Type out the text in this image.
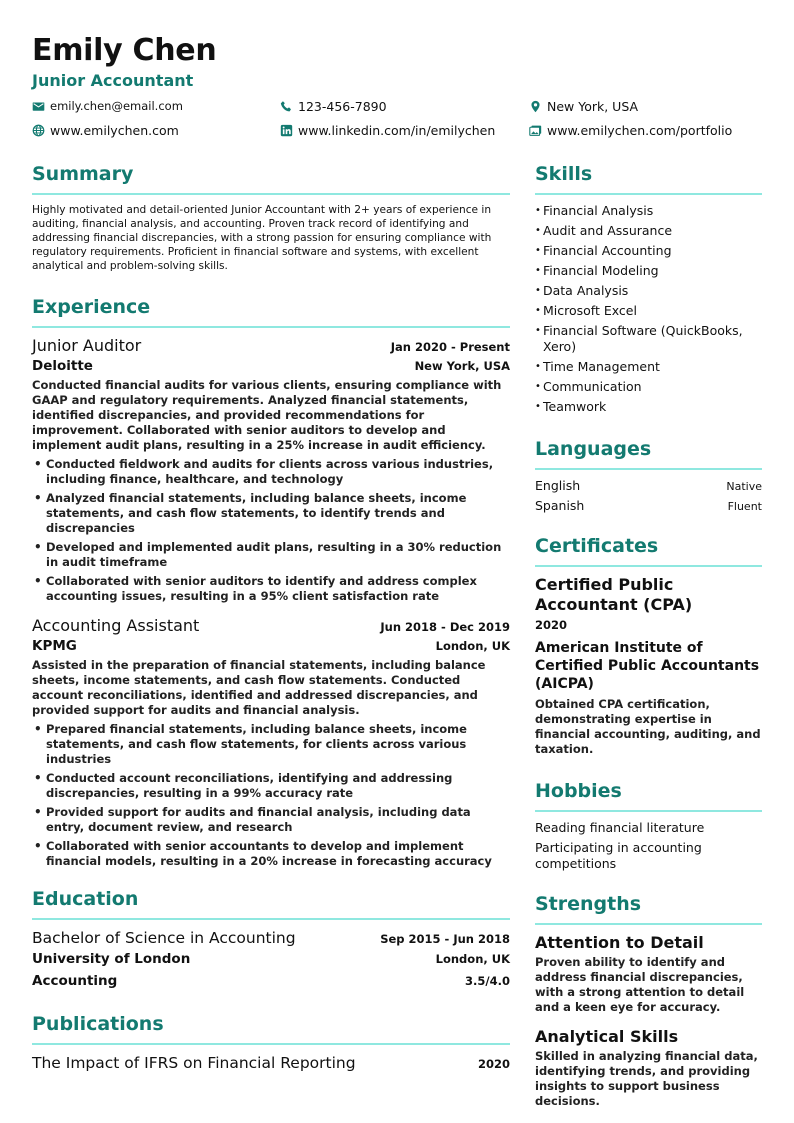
Emily Chen
Junior Accountant
emily.chen@email.com	123-456-7890	New York, USA
www.emilychen.com	www.linkedin.com/in/emilychen	www.emilychen.com/portfolio
Summary
Highly motivated and detail-oriented Junior Accountant with 2+ years of experience in auditing, financial analysis, and accounting. Proven track record of identifying and addressing financial discrepancies, with a strong passion for ensuring compliance with regulatory requirements. Proficient in financial software and systems, with excellent analytical and problem-solving skills.
Experience
Junior Auditor	Jan 2020 - Present
Deloitte	New York, USA
Conducted financial audits for various clients, ensuring compliance with GAAP and regulatory requirements. Analyzed financial statements, identified discrepancies, and provided recommendations for improvement. Collaborated with senior auditors to develop and implement audit plans, resulting in a 25% increase in audit efficiency.
• Conducted fieldwork and audits for clients across various industries, including finance, healthcare, and technology
• Analyzed financial statements, including balance sheets, income statements, and cash flow statements, to identify trends and discrepancies
• Developed and implemented audit plans, resulting in a 30% reduction in audit timeframe
• Collaborated with senior auditors to identify and address complex accounting issues, resulting in a 95% client satisfaction rate
Accounting Assistant	Jun 2018 - Dec 2019
KPMG	London, UK
Assisted in the preparation of financial statements, including balance sheets, income statements, and cash flow statements. Conducted account reconciliations, identified and addressed discrepancies, and provided support for audits and financial analysis.
• Prepared financial statements, including balance sheets, income statements, and cash flow statements, for clients across various industries
• Conducted account reconciliations, identifying and addressing discrepancies, resulting in a 99% accuracy rate
• Provided support for audits and financial analysis, including data entry, document review, and research
• Collaborated with senior accountants to develop and implement financial models, resulting in a 20% increase in forecasting accuracy
Education
Bachelor of Science in Accounting	Sep 2015 - Jun 2018
University of London	London, UK
Accounting	3.5/4.0
Publications
The Impact of IFRS on Financial Reporting	2020
Skills
• Financial Analysis
• Audit and Assurance
• Financial Accounting
• Financial Modeling
• Data Analysis
• Microsoft Excel
• Financial Software (QuickBooks, Xero)
• Time Management
• Communication
• Teamwork
Languages
English	Native
Spanish	Fluent
Certificates
Certified Public Accountant (CPA)
2020
American Institute of Certified Public Accountants (AICPA)
Obtained CPA certification, demonstrating expertise in financial accounting, auditing, and taxation.
Hobbies
Reading financial literature
Participating in accounting competitions
Strengths
Attention to Detail
Proven ability to identify and address financial discrepancies, with a strong attention to detail and a keen eye for accuracy.
Analytical Skills
Skilled in analyzing financial data, identifying trends, and providing insights to support business decisions.
